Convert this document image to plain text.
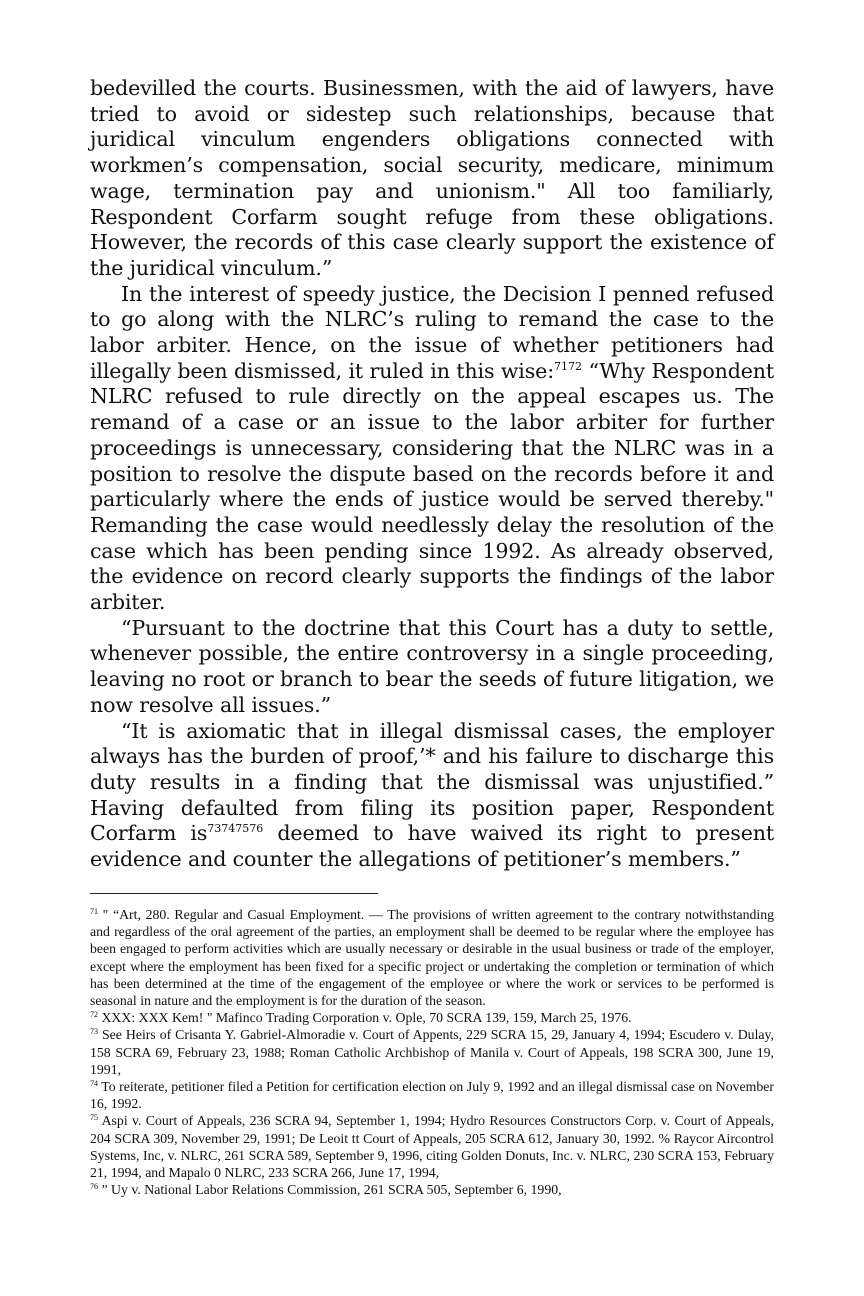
bedevilled the courts. Businessmen, with the aid of lawyers, have tried to avoid or sidestep such relationships, because that juridical vinculum engenders obligations connected with workmen’s compensation, social security, medicare, minimum wage, termination pay and unionism." All too familiarly, Respondent Corfarm sought refuge from these obligations. However, the records of this case clearly support the existence of the juridical vinculum.”

In the interest of speedy justice, the Decision I penned refused to go along with the NLRC’s ruling to remand the case to the labor arbiter. Hence, on the issue of whether petitioners had illegally been dismissed, it ruled in this wise:$^{7172}$ “Why Respondent NLRC refused to rule directly on the appeal escapes us. The remand of a case or an issue to the labor arbiter for further proceedings is unnecessary, considering that the NLRC was in a position to resolve the dispute based on the records before it and particularly where the ends of justice would be served thereby." Remanding the case would needlessly delay the resolution of the case which has been pending since 1992. As already observed, the evidence on record clearly supports the findings of the labor arbiter.

“Pursuant to the doctrine that this Court has a duty to settle, whenever possible, the entire controversy in a single proceeding, leaving no root or branch to bear the seeds of future litigation, we now resolve all issues.”

“It is axiomatic that in illegal dismissal cases, the employer always has the burden of proof,’* and his failure to discharge this duty results in a finding that the dismissal was unjustified.” Having defaulted from filing its position paper, Respondent Corfarm $is^{73747576}$ deemed to have waived its right to present evidence and counter the allegations of petitioner’s members.”

$^{71}$ " “Art, 280. Regular and Casual Employment. — The provisions of written agreement to the contrary notwithstanding and regardless of the oral agreement of the parties, an employment shall be deemed to be regular where the employee has been engaged to perform activities which are usually necessary or desirable in the usual business or trade of the employer, except where the employment has been fixed for a specific project or undertaking the completion or termination of which has been determined at the time of the engagement of the employee or where the work or services to be performed is seasonal in nature and the employment is for the duration of the season.

$^{72}$ XXX: XXX Kem! " Mafinco Trading Corporation v. Ople, 70 SCRA 139, 159, March 25, 1976.

$^{73}$ See Heirs of Crisanta Y. Gabriel-Almoradie v. Court of Appents, 229 SCRA 15, 29, January 4, 1994; Escudero v. Dulay, 158 SCRA 69, February 23, 1988; Roman Catholic Archbishop of Manila v. Court of Appeals, 198 SCRA 300, June 19, 1991,

$^{74}$ To reiterate, petitioner filed a Petition for certification election on July 9, 1992 and an illegal dismissal case on November 16, 1992.

$^{75}$ Aspi v. Court of Appeals, 236 SCRA 94, September 1, 1994; Hydro Resources Constructors Corp. v. Court of Appeals, 204 SCRA 309, November 29, 1991; De Leoit tt Court of Appeals, 205 SCRA 612, January 30, 1992. % Raycor Aircontrol Systems, Inc, v. NLRC, 261 SCRA 589, September 9, 1996, citing Golden Donuts, Inc. v. NLRC, 230 SCRA 153, February 21, 1994, and Mapalo 0 NLRC, 233 SCRA 266, June 17, 1994,

$^{76}$ ” Uy v. National Labor Relations Commission, 261 SCRA 505, September 6, 1990,
